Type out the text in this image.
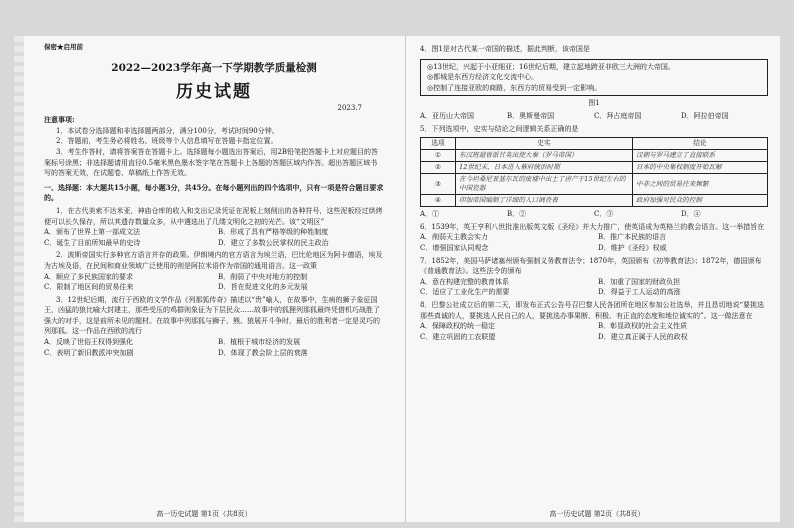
保密★启用前
2022—2023学年高一下学期教学质量检测
历史试题
2023.7
注意事项:
1．本试卷分选择题和非选择题两部分，满分100分，考试时间90分钟。
2．答题前，考生务必将姓名、班级等个人信息填写在答题卡指定位置。
3．考生作答时，请将答案答在答题卡上。选择题每小题选出答案后，用2B铅笔把答题卡上对应题目的答案标号涂黑；非选择题请用直径0.5毫米黑色墨水签字笔在答题卡上各题的答题区域内作答。超出答题区域书写的答案无效，在试题卷、草稿纸上作答无效。
一、选择题：本大题共15小题，每小题3分，共45分。在每小题列出的四个选项中，只有一项是符合题目要求的。
1．在古代美索不达米亚，神庙仓库的收入和支出记录凭证在泥板上刻削出的各种符号，这些泥板经过烘烤便可以长久保存，所以其遗存数量众多，从中遴选出了几缕文明化之初的光芒。该“文明区”
A．颁布了世界上第一部成文法	B．形成了具有严格等级的种姓制度
C．诞生了目前所知最早的史诗	D．建立了多数公民掌权的民主政治
2．波斯帝国实行多种官方语言并存的政策。伊朗境内的官方语言为埃兰语，巴比伦地区为阿卡德语，埃及为古埃及语，在民间和商业领域广泛使用的则是阿拉米语作为帝国的通用语言。这一政策
A．顺应了多民族国家的要求	B．削弱了中央对地方的控制
C．限制了地区间的贸易往来	D．旨在促进文化的多元发展
3．12世纪后期，流行于西欧的文学作品《列那狐传奇》描述以“贵”喻人，在故事中，生病的狮子象征国王，凶猛的狼比喻大封建主，那些受压的鸡群则象征为下层民众……故事中的狐狸列那狐最终凭借机巧战胜了强大的对手，这是前所未见的题材。在故事中列那狐与狮子、熊、狼展开斗争时，最后的胜利者一定是灵巧的列那狐。这一作品在西欧的流行
A．反映了世俗王权得到强化	B．植根于城市经济的发展
C．表明了新旧教派冲突加剧	D．体现了教会阶上层的衰落
高一历史试题 第1页（共8页）
4．图1是对古代某一帝国的描述，据此判断，该帝国是
◎13世纪，兴起于小亚细亚；16世纪后期，建立起地跨亚非欧三大洲的大帝国。
◎都城是东西方经济文化交流中心。
◎控制了连接亚欧的商路，东西方的贸易受到一定影响。
图1
A．亚历山大帝国	B．奥斯曼帝国	C．拜占庭帝国	D．阿拉伯帝国
5．下列选项中，史实与结论之间逻辑关系正确的是
选项	史实	结论
①	东汉班超曾派甘英出使大秦（罗马帝国）	汉朝与罗马建立了直接联系
②	12世纪末，日本进入幕府统治时期	日本的中央集权制度开始瓦解
③	在今坦桑尼亚基尔瓦的废墟中出土了唐产于15世纪左右的中国瓷器	中非之间的贸易往来频繁
④	印加帝国编制了详细的人口调查表	政府加强对民众的控制
A．①	B．②	C．③	D．④
6．1539年，英王亨利八世批准出版英文版《圣经》并大力推广，使英语成为英格兰的教会语言。这一举措旨在
A．削弱天主教会实力	B．推广本民族的语言
C．增强国家认同观念	D．维护《圣经》权威
7．1852年，美国马萨诸塞州颁布强制义务教育法令；1870年，英国颁布《初等教育法》；1872年，德国颁布《普通教育法》。这些法令的颁布
A．意在构建完整的教育体系	B．加重了国家的财政负担
C．适应了工业化生产的需要	D．得益于工人运动的高涨
8．巴黎公社成立后的第二天，即发布正式公告号召巴黎人民各团所在地区参加公社选举，并且恳切地说“要挑选那些真诚的人，要挑选人民自己的人，要挑选办事果断、积极、有正直的态度和地位诚实的”。这一做法意在
A．保障政权的统一稳定	B．彰显政权的社会主义性质
C．建立巩固的工农联盟	D．建立真正属于人民的政权
高一历史试题 第2页（共8页）
